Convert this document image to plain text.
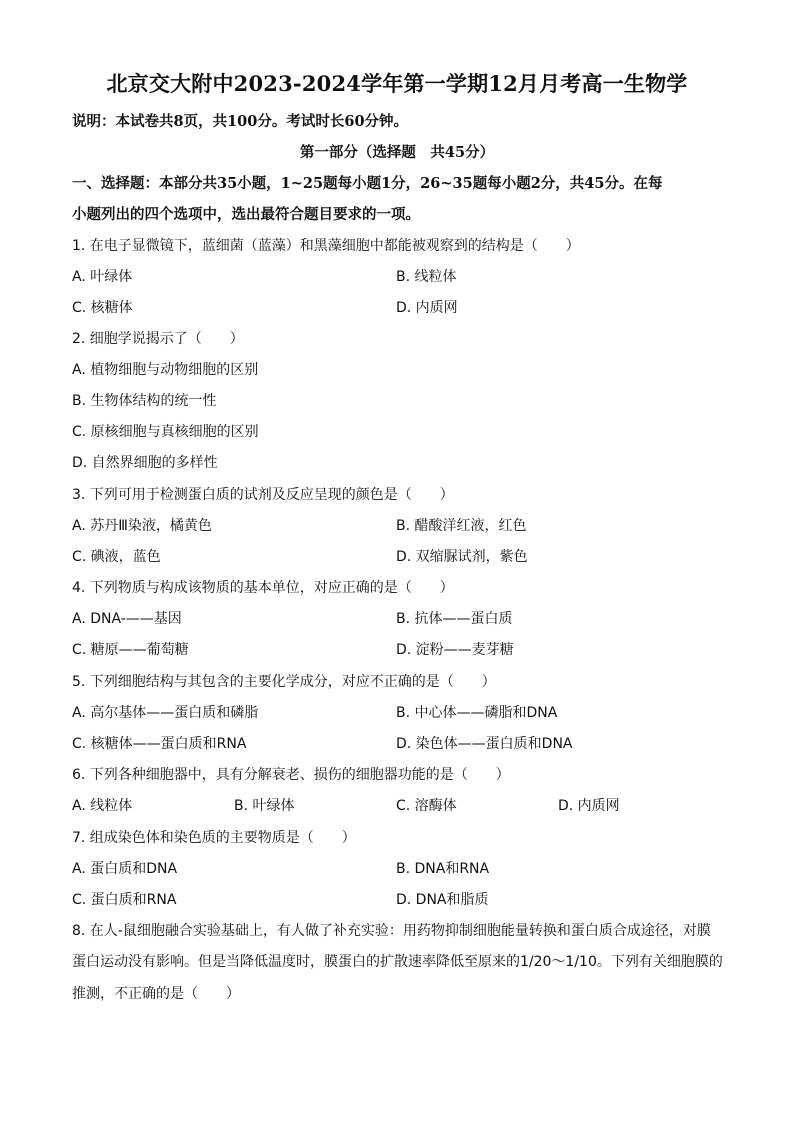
北京交大附中2023-2024学年第一学期12月月考高一生物学
说明：本试卷共8页，共100分。考试时长60分钟。
第一部分（选择题　共45分）
一、选择题：本部分共35小题，1~25题每小题1分，26~35题每小题2分，共45分。在每
小题列出的四个选项中，选出最符合题目要求的一项。
1. 在电子显微镜下，蓝细菌（蓝藻）和黑藻细胞中都能被观察到的结构是（　　）
A. 叶绿体	B. 线粒体
C. 核糖体	D. 内质网
2. 细胞学说揭示了（　　）
A. 植物细胞与动物细胞的区别
B. 生物体结构的统一性
C. 原核细胞与真核细胞的区别
D. 自然界细胞的多样性
3. 下列可用于检测蛋白质的试剂及反应呈现的颜色是（　　）
A. 苏丹Ⅲ染液，橘黄色	B. 醋酸洋红液，红色
C. 碘液，蓝色	D. 双缩脲试剂，紫色
4. 下列物质与构成该物质的基本单位，对应正确的是（　　）
A. DNA-——基因	B. 抗体——蛋白质
C. 糖原——葡萄糖	D. 淀粉——麦芽糖
5. 下列细胞结构与其包含的主要化学成分，对应不正确的是（　　）
A. 高尔基体——蛋白质和磷脂	B. 中心体——磷脂和DNA
C. 核糖体——蛋白质和RNA	D. 染色体——蛋白质和DNA
6. 下列各种细胞器中，具有分解衰老、损伤的细胞器功能的是（　　）
A. 线粒体	B. 叶绿体	C. 溶酶体	D. 内质网
7. 组成染色体和染色质的主要物质是（　　）
A. 蛋白质和DNA	B. DNA和RNA
C. 蛋白质和RNA	D. DNA和脂质
8. 在人-鼠细胞融合实验基础上，有人做了补充实验：用药物抑制细胞能量转换和蛋白质合成途径，对膜
蛋白运动没有影响。但是当降低温度时，膜蛋白的扩散速率降低至原来的1/20～1/10。下列有关细胞膜的
推测，不正确的是（　　）
